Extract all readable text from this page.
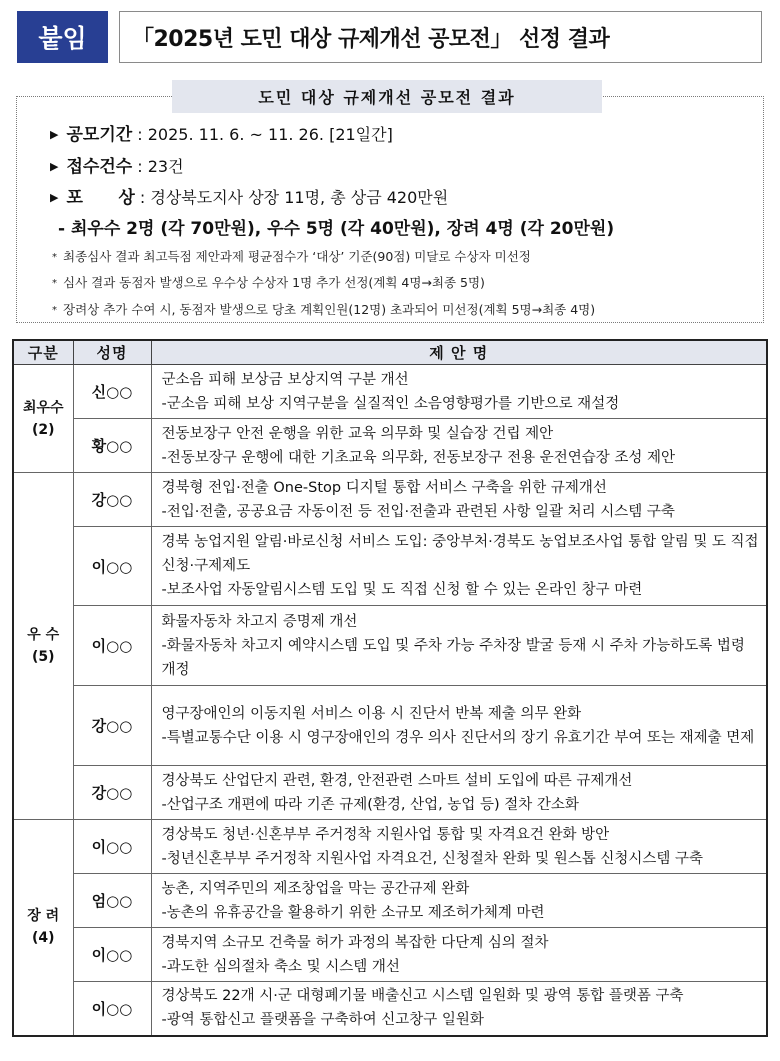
붙임	「2025년 도민 대상 규제개선 공모전」 선정 결과
도민 대상 규제개선 공모전 결과
▶ 공모기간 : 2025. 11. 6. ~ 11. 26. [21일간]
▶ 접수건수 : 23건
▶ 포      상 : 경상북도지사 상장 11명, 총 상금 420만원
- 최우수 2명 (각 70만원), 우수 5명 (각 40만원), 장려 4명 (각 20만원)
* 최종심사 결과 최고득점 제안과제 평균점수가 ‘대상’ 기준(90점) 미달로 수상자 미선정
* 심사 결과 동점자 발생으로 우수상 수상자 1명 추가 선정(계획 4명→최종 5명)
* 장려상 추가 수여 시, 동점자 발생으로 당초 계획인원(12명) 초과되어 미선정(계획 5명→최종 4명)
구분	성명	제 안 명
최우수
(2)	신○○	군소음 피해 보상금 보상지역 구분 개선
-군소음 피해 보상 지역구분을 실질적인 소음영향평가를 기반으로 재설정

	황○○	전동보장구 안전 운행을 위한 교육 의무화 및 실습장 건립 제안
-전동보장구 운행에 대한 기초교육 의무화, 전동보장구 전용 운전연습장 조성 제안

우 수
(5)	강○○	경북형 전입·전출 One-Stop 디지털 통합 서비스 구축을 위한 규제개선
-전입·전출, 공공요금 자동이전 등 전입·전출과 관련된 사항 일괄 처리 시스템 구축

	이○○	경북 농업지원 알림·바로신청 서비스 도입: 중앙부처·경북도 농업보조사업 통합 알림 및 도 직접 신청·구제제도
-보조사업 자동알림시스템 도입 및 도 직접 신청 할 수 있는 온라인 창구 마련

	이○○	화물자동차 차고지 증명제 개선
-화물자동차 차고지 예약시스템 도입 및 주차 가능 주차장 발굴 등재 시 주차 가능하도록 법령 개정

	강○○	영구장애인의 이동지원 서비스 이용 시 진단서 반복 제출 의무 완화
-특별교통수단 이용 시 영구장애인의 경우 의사 진단서의 장기 유효기간 부여 또는 재제출 면제

	강○○	경상북도 산업단지 관련, 환경, 안전관련 스마트 설비 도입에 따른 규제개선
-산업구조 개편에 따라 기존 규제(환경, 산업, 농업 등) 절차 간소화

장 려
(4)	이○○	경상북도 청년·신혼부부 주거정착 지원사업 통합 및 자격요건 완화 방안
-청년신혼부부 주거정착 지원사업 자격요건, 신청절차 완화 및 원스톱 신청시스템 구축

	엄○○	농촌, 지역주민의 제조창업을 막는 공간규제 완화
-농촌의 유휴공간을 활용하기 위한 소규모 제조허가체계 마련

	이○○	경북지역 소규모 건축물 허가 과정의 복잡한 다단계 심의 절차
-과도한 심의절차 축소 및 시스템 개선

	이○○	경상북도 22개 시·군 대형폐기물 배출신고 시스템 일원화 및 광역 통합 플랫폼 구축
-광역 통합신고 플랫폼을 구축하여 신고창구 일원화
